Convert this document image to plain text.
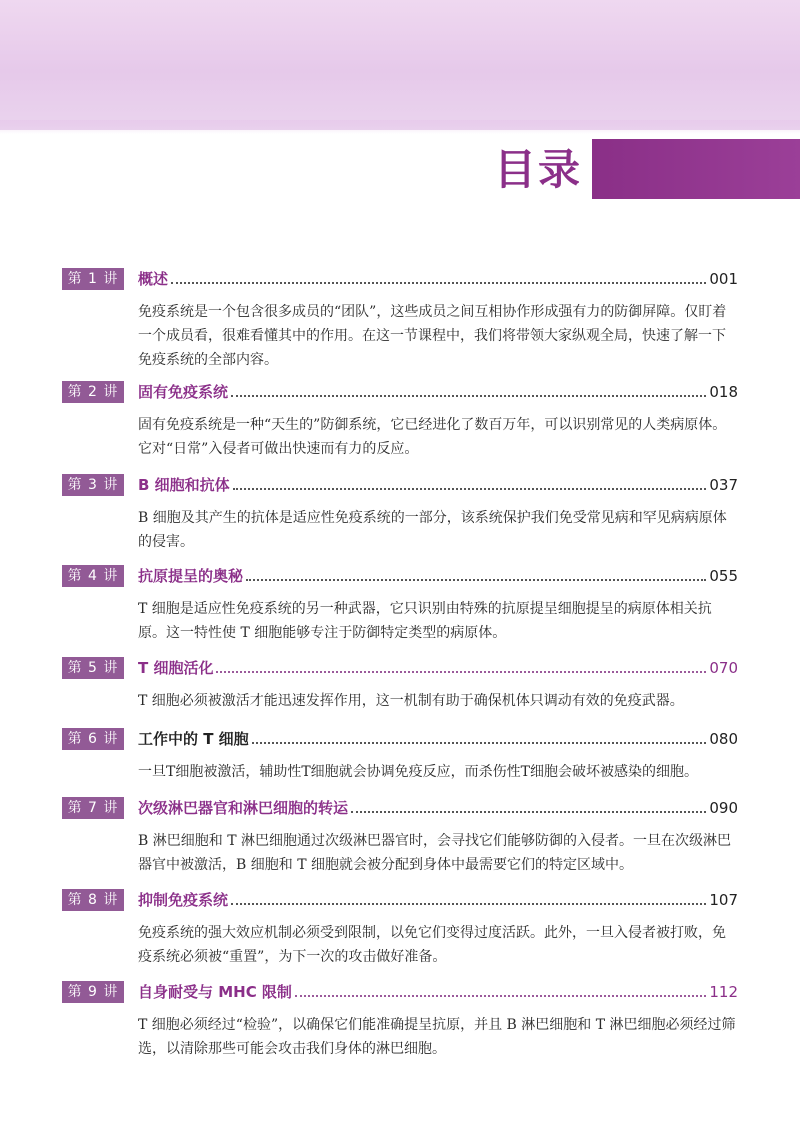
目录
第 1 讲	概述	001
免疫系统是一个包含很多成员的“团队”，这些成员之间互相协作形成强有力的防御屏障。仅盯着一个成员看，很难看懂其中的作用。在这一节课程中，我们将带领大家纵观全局，快速了解一下免疫系统的全部内容。
第 2 讲	固有免疫系统	018
固有免疫系统是一种“天生的”防御系统，它已经进化了数百万年，可以识别常见的人类病原体。它对“日常”入侵者可做出快速而有力的反应。
第 3 讲	B 细胞和抗体	037
B 细胞及其产生的抗体是适应性免疫系统的一部分，该系统保护我们免受常见病和罕见病病原体的侵害。
第 4 讲	抗原提呈的奥秘	055
T 细胞是适应性免疫系统的另一种武器，它只识别由特殊的抗原提呈细胞提呈的病原体相关抗原。这一特性使 T 细胞能够专注于防御特定类型的病原体。
第 5 讲	T 细胞活化	070
T 细胞必须被激活才能迅速发挥作用，这一机制有助于确保机体只调动有效的免疫武器。
第 6 讲	工作中的 T 细胞	080
一旦T细胞被激活，辅助性T细胞就会协调免疫反应，而杀伤性T细胞会破坏被感染的细胞。
第 7 讲	次级淋巴器官和淋巴细胞的转运	090
B 淋巴细胞和 T 淋巴细胞通过次级淋巴器官时，会寻找它们能够防御的入侵者。一旦在次级淋巴器官中被激活，B 细胞和 T 细胞就会被分配到身体中最需要它们的特定区域中。
第 8 讲	抑制免疫系统	107
免疫系统的强大效应机制必须受到限制，以免它们变得过度活跃。此外，一旦入侵者被打败，免疫系统必须被“重置”，为下一次的攻击做好准备。
第 9 讲	自身耐受与 MHC 限制	112
T 细胞必须经过“检验”，以确保它们能准确提呈抗原，并且 B 淋巴细胞和 T 淋巴细胞必须经过筛选，以清除那些可能会攻击我们身体的淋巴细胞。
